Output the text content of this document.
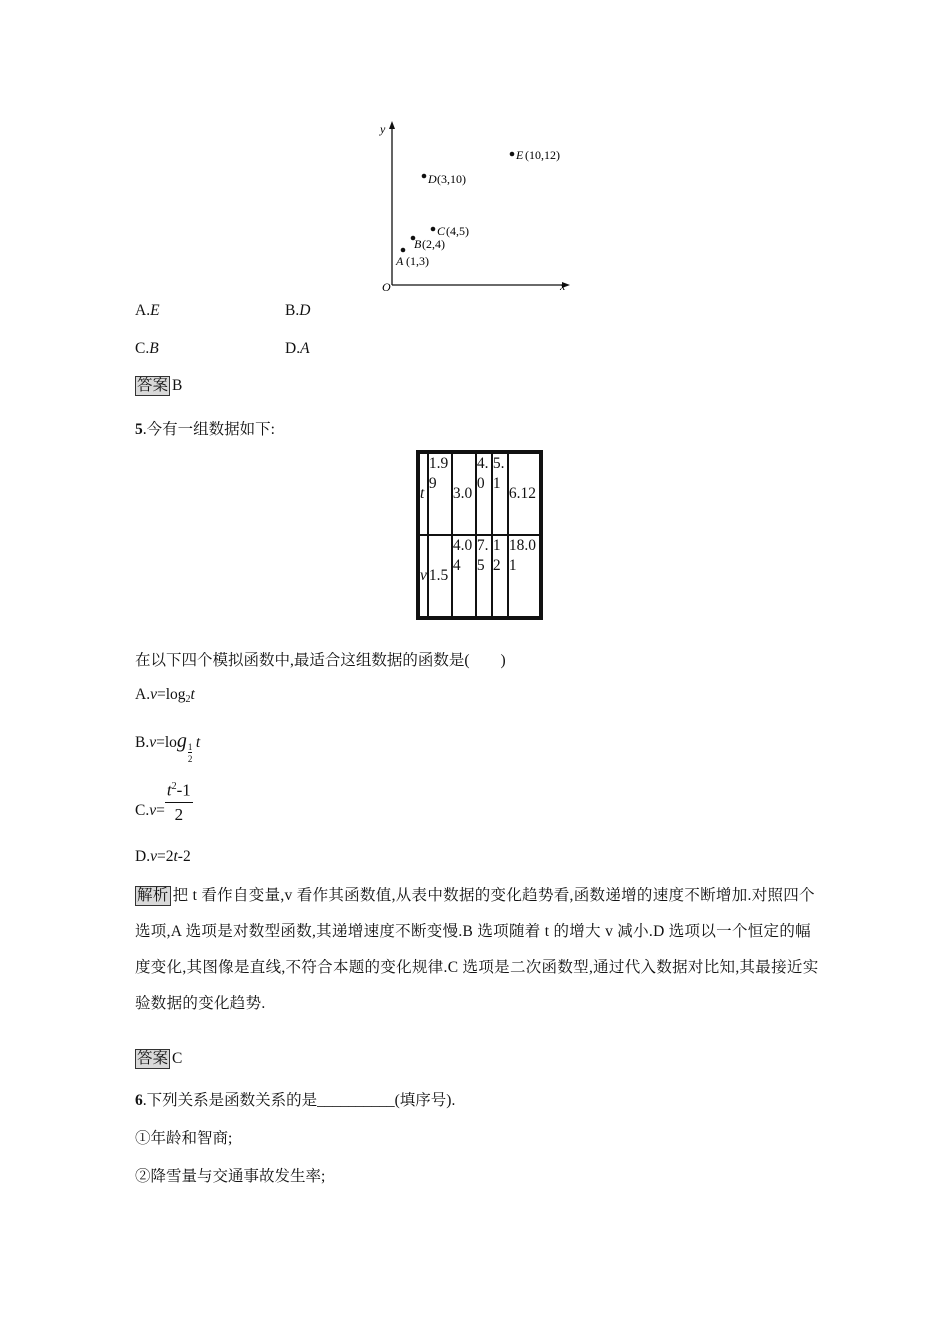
y
x
O
A (1,3)
B (2,4)
C (4,5)
D (3,10)
E (10,12)
A.E	B.D
C.B	D.A
答案 B
5.今有一组数据如下:
t	1.99	3.0	4.0	5.1	6.12
v	1.5	4.04	7.5	12	18.01
在以下四个模拟函数中,最适合这组数据的函数是(　　)
$A.v=\log_2t$
$B.v=\log \frac{1}{2}$ t
$C.v= \frac{t^2-1}{2}$
D.v=2t-2
解析 把 t 看作自变量,v 看作其函数值,从表中数据的变化趋势看,函数递增的速度不断增加.对照四个选项,A 选项是对数型函数,其递增速度不断变慢.B 选项随着 t 的增大 v 减小.D 选项以一个恒定的幅度变化,其图像是直线,不符合本题的变化规律.C 选项是二次函数型,通过代入数据对比知,其最接近实验数据的变化趋势.
答案 C
6.下列关系是函数关系的是__________(填序号).
①年龄和智商;
②降雪量与交通事故发生率;
